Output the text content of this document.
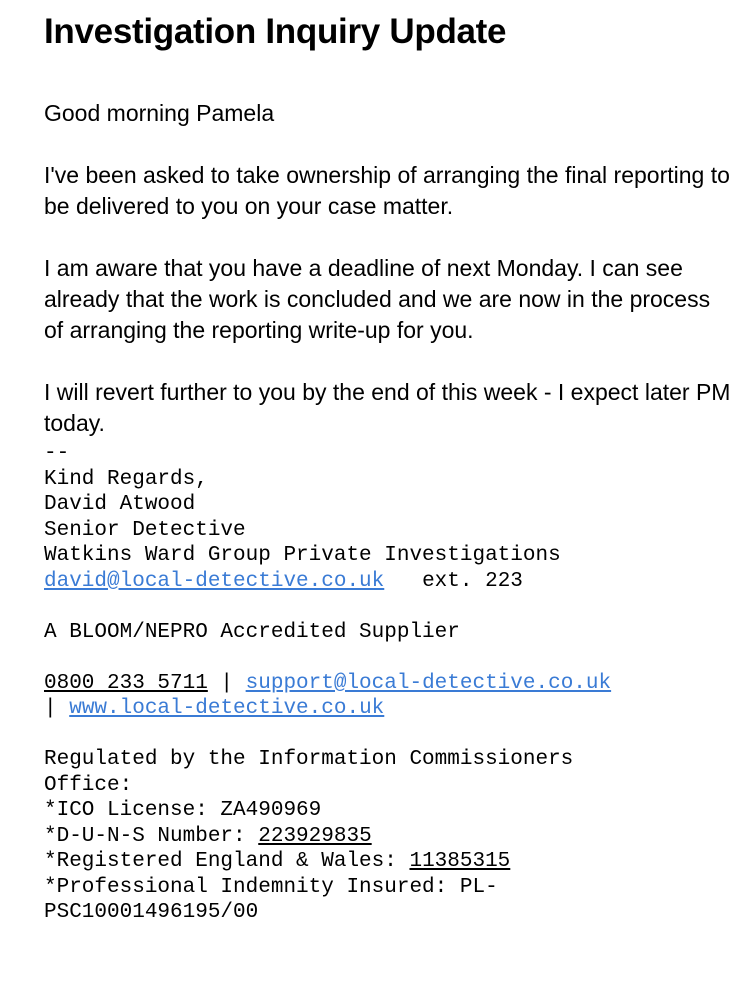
Investigation Inquiry Update

Good morning Pamela

I've been asked to take ownership of arranging the final reporting to be delivered to you on your case matter.

I am aware that you have a deadline of next Monday. I can see already that the work is concluded and we are now in the process of arranging the reporting write-up for you.

I will revert further to you by the end of this week - I expect later PM today.

--
Kind Regards,
David Atwood
Senior Detective
Watkins Ward Group Private Investigations
david@local-detective.co.uk ext. 223
A BLOOM/NEPRO Accredited Supplier
0800 233 5711 | support@local-detective.co.uk
| www.local-detective.co.uk
Regulated by the Information Commissioners
Office:
*ICO License: ZA490969
*D-U-N-S Number: 223929835
*Registered England & Wales: 11385315
*Professional Indemnity Insured: PL-
PSC10001496195/00
